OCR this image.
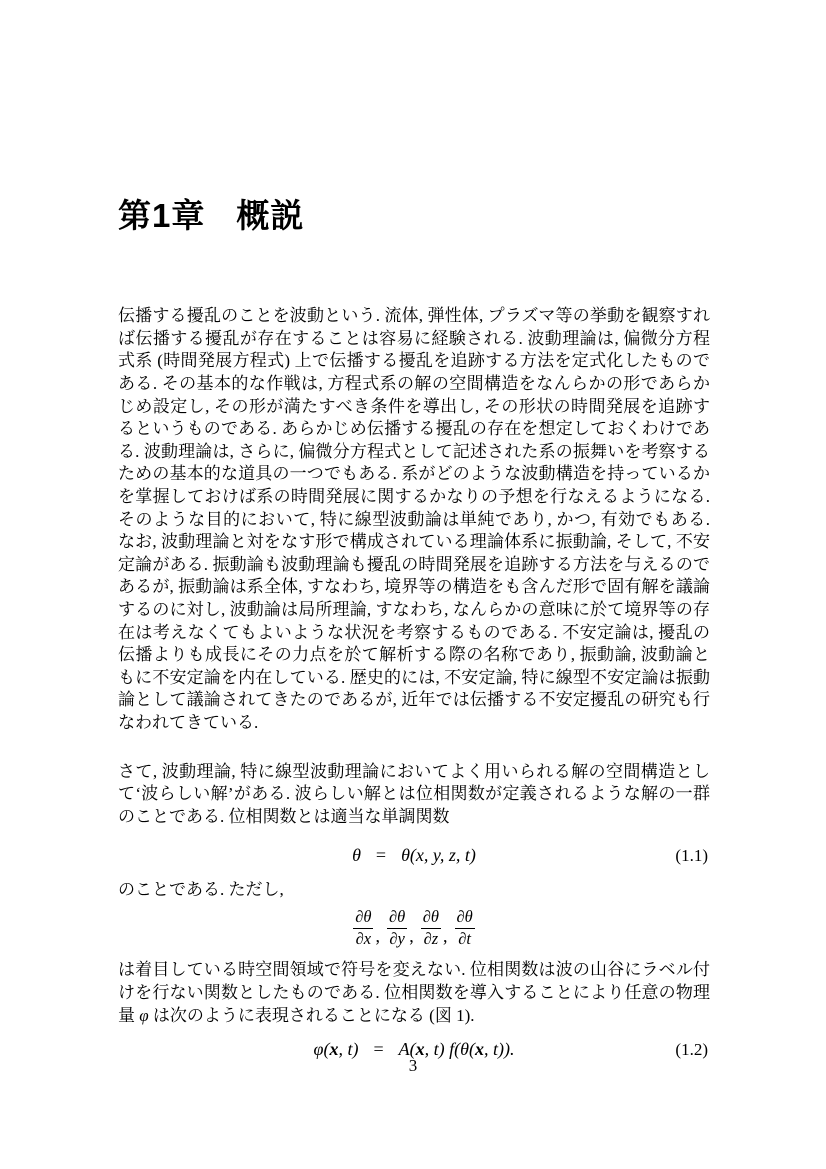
第1章 概説

伝播する擾乱のことを波動という. 流体, 弾性体, プラズマ等の挙動を観察すれば伝播する擾乱が存在することは容易に経験される. 波動理論は, 偏微分方程式系 (時間発展方程式) 上で伝播する擾乱を追跡する方法を定式化したものである. その基本的な作戦は, 方程式系の解の空間構造をなんらかの形であらかじめ設定し, その形が満たすべき条件を導出し, その形状の時間発展を追跡するというものである. あらかじめ伝播する擾乱の存在を想定しておくわけである. 波動理論は, さらに, 偏微分方程式として記述された系の振舞いを考察するための基本的な道具の一つでもある. 系がどのような波動構造を持っているかを掌握しておけば系の時間発展に関するかなりの予想を行なえるようになる. そのような目的において, 特に線型波動論は単純であり, かつ, 有効でもある. なお, 波動理論と対をなす形で構成されている理論体系に振動論, そして, 不安定論がある. 振動論も波動理論も擾乱の時間発展を追跡する方法を与えるのであるが, 振動論は系全体, すなわち, 境界等の構造をも含んだ形で固有解を議論するのに対し, 波動論は局所理論, すなわち, なんらかの意味に於て境界等の存在は考えなくてもよいような状況を考察するものである. 不安定論は, 擾乱の伝播よりも成長にその力点を於て解析する際の名称であり, 振動論, 波動論ともに不安定論を内在している. 歴史的には, 不安定論, 特に線型不安定論は振動論として議論されてきたのであるが, 近年では伝播する不安定擾乱の研究も行なわれてきている.

さて, 波動理論, 特に線型波動理論においてよく用いられる解の空間構造として‘波らしい解’がある. 波らしい解とは位相関数が定義されるような解の一群のことである. 位相関数とは適当な単調関数

θ = θ(x, y, z, t)	(1.1)

のことである. ただし,

$\frac{\partial\theta}{\partial x}$ , $\frac{\partial\theta}{\partial y}$ , $\frac{\partial\theta}{\partial z}$ , $\frac{\partial\theta}{\partial t}$

は着目している時空間領域で符号を変えない. 位相関数は波の山谷にラベル付けを行ない関数としたものである. 位相関数を導入することにより任意の物理量 φ は次のように表現されることになる (図 1).

φ(x, t) = A(x, t) f(θ(x, t)).	(1.2)
3
